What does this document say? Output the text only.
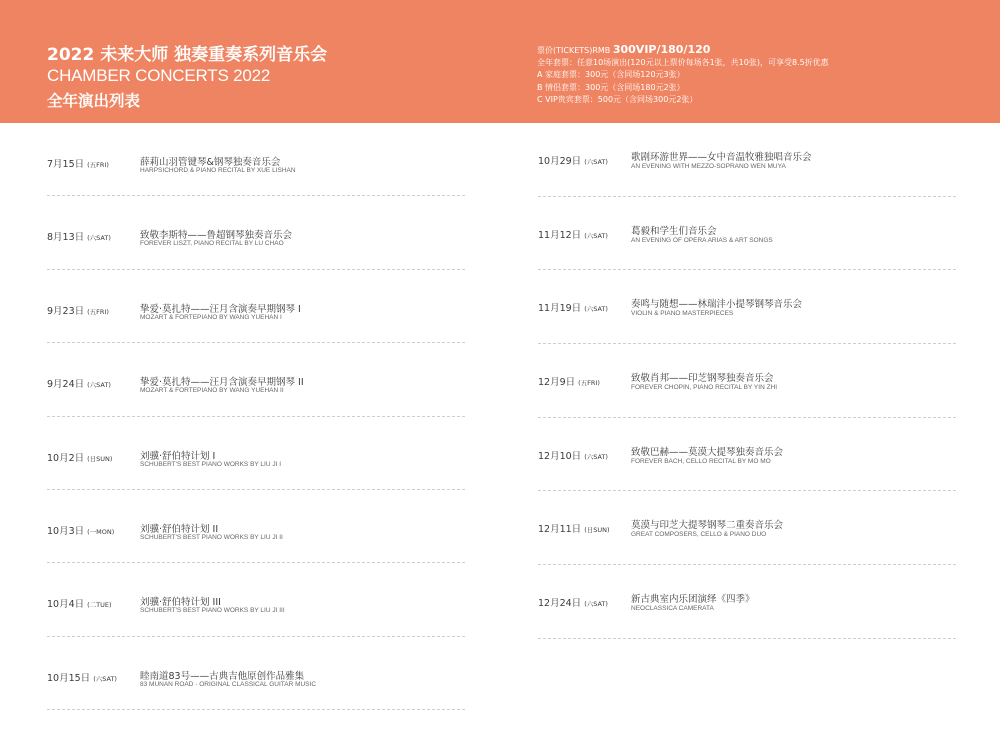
2022 未来大师 独奏重奏系列音乐会
CHAMBER CONCERTS 2022
全年演出列表
票价(TICKETS)RMB 300VIP/180/120
全年套票：任意10场演出(120元以上票价每场各1张，共10张)，可享受8.5折优惠
A 家庭套票：300元（含同场120元3张）
B 情侣套票：300元（含同场180元2张）
C VIP贵宾套票：500元（含同场300元2张）
7月15日 (五FRI)	薛莉山羽管键琴&钢琴独奏音乐会
HARPSICHORD & PIANO RECITAL BY XUE LISHAN
8月13日 (六SAT)	致敬李斯特——鲁超钢琴独奏音乐会
FOREVER LISZT, PIANO RECITAL BY LU CHAO
9月23日 (五FRI)	挚爱·莫扎特——汪月含演奏早期钢琴 I
MOZART & FORTEPIANO BY WANG YUEHAN I
9月24日 (六SAT)	挚爱·莫扎特——汪月含演奏早期钢琴 II
MOZART & FORTEPIANO BY WANG YUEHAN II
10月2日 (日SUN)	刘骥·舒伯特计划 I
SCHUBERT'S BEST PIANO WORKS BY LIU JI I
10月3日 (一MON)	刘骥·舒伯特计划 II
SCHUBERT'S BEST PIANO WORKS BY LIU JI II
10月4日 (二TUE)	刘骥·舒伯特计划 III
SCHUBERT'S BEST PIANO WORKS BY LIU JI III
10月15日 (六SAT) 睦南道83号——古典吉他原创作品雅集
83 MUNAN ROAD · ORIGINAL CLASSICAL GUITAR MUSIC
10月29日 (六SAT) 歌剧环游世界——女中音温牧雅独唱音乐会
AN EVENING WITH MEZZO-SOPRANO WEN MUYA
11月12日 (六SAT) 葛毅和学生们音乐会
AN EVENING OF OPERA ARIAS & ART SONGS
11月19日 (六SAT) 奏鸣与随想——林瑞沣小提琴钢琴音乐会
VIOLIN & PIANO MASTERPIECES
12月9日 (五FRI)	致敬肖邦——印芝钢琴独奏音乐会
FOREVER CHOPIN, PIANO RECITAL BY YIN ZHI
12月10日 (六SAT) 致敬巴赫——莫漠大提琴独奏音乐会
FOREVER BACH, CELLO RECITAL BY MO MO
12月11日 (日SUN) 莫漠与印芝大提琴钢琴二重奏音乐会
GREAT COMPOSERS, CELLO & PIANO DUO
12月24日 (六SAT) 新古典室内乐团演绎《四季》
NEOCLASSICA CAMERATA
